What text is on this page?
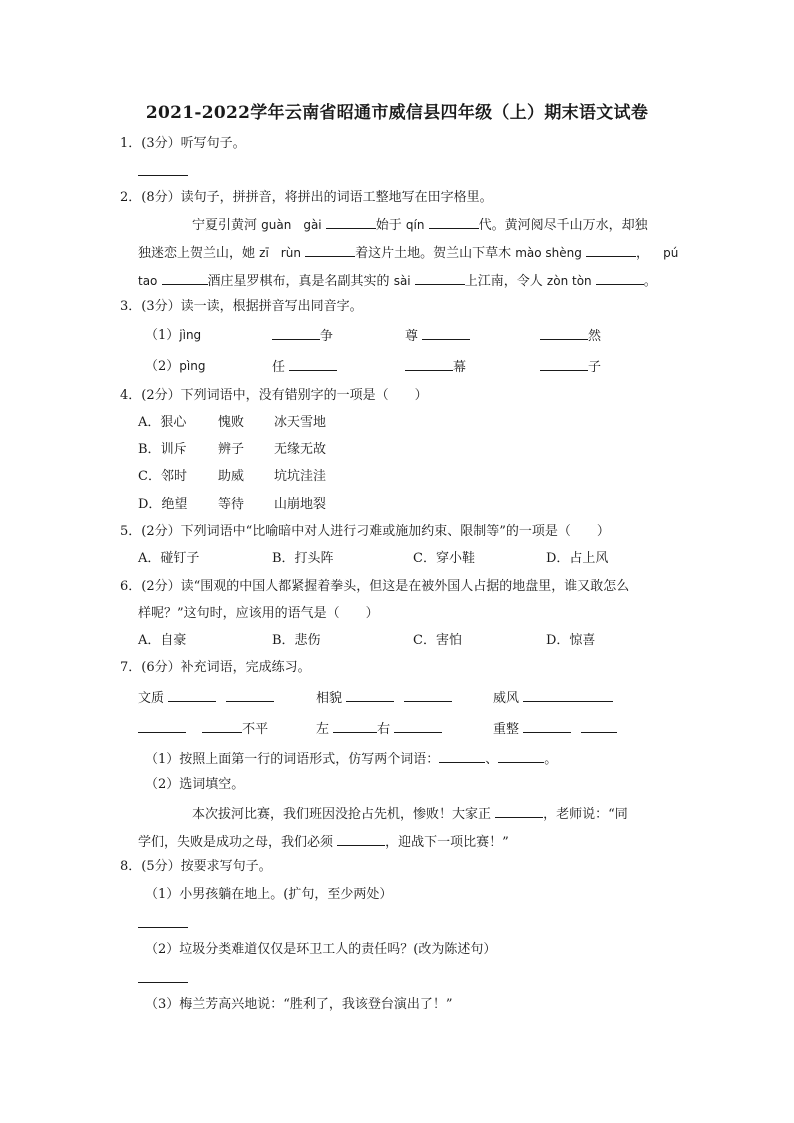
2021-2022学年云南省昭通市威信县四年级（上）期末语文试卷
1．(3分）听写句子。
2．(8分）读句子，拼拼音，将拼出的词语工整地写在田字格里。
宁夏引黄河 guàn　gài	始于 qín	代。黄河阅尽千山万水，却独
独迷恋上贺兰山，她 zī　rùn	着这片土地。贺兰山下草木 mào shèng	， pú
tao	酒庄星罗棋布，真是名副其实的 sài	上江南，令人 zòn tòn	。
3．(3分）读一读，根据拼音写出同音字。
（1）jìng	争	尊	然
（2）pìng	任	幕	子
4．(2分）下列词语中，没有错别字的一项是（　　）
A．狠心 愧败 冰天雪地
B．训斥 辨子 无缘无故
C．邻时 助威 坑坑洼洼
D．绝望 等待 山崩地裂
5．(2分）下列词语中“比喻暗中对人进行刁难或施加约束、限制等”的一项是（　　）
A．碰钉子	B．打头阵	C．穿小鞋	D．占上风
6．(2分）读“围观的中国人都紧握着拳头，但这是在被外国人占据的地盘里，谁又敢怎么
样呢？”这句时，应该用的语气是（　　）
A．自豪	B．悲伤	C．害怕	D．惊喜
7．(6分）补充词语，完成练习。
文质	相貌	威风
不平	左	右	重整
（1）按照上面第一行的词语形式，仿写两个词语：	、	。
（2）选词填空。
本次拔河比赛，我们班因没抢占先机，惨败！大家正	，老师说：“同
学们，失败是成功之母，我们必须	，迎战下一项比赛！”
8．(5分）按要求写句子。
（1）小男孩躺在地上。(扩句，至少两处）
（2）垃圾分类难道仅仅是环卫工人的责任吗？(改为陈述句）
（3）梅兰芳高兴地说：“胜利了，我该登台演出了！”
